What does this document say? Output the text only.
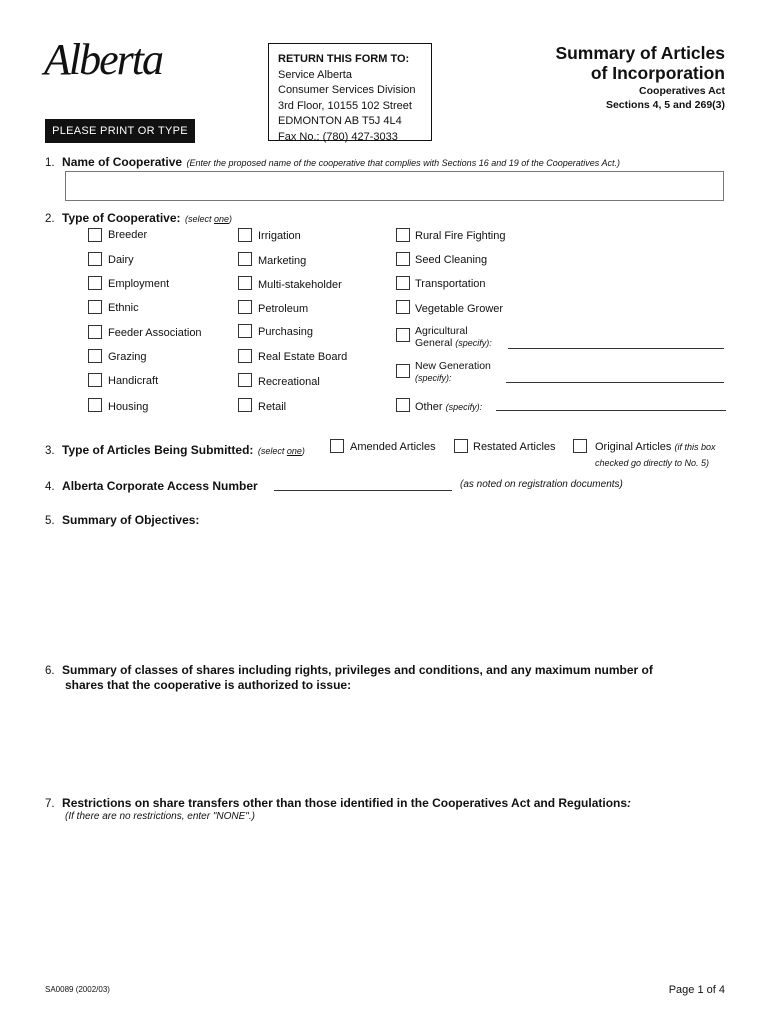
Alberta
PLEASE PRINT OR TYPE
RETURN THIS FORM TO:
Service Alberta
Consumer Services Division
3rd Floor, 10155 102 Street
EDMONTON AB T5J 4L4
Fax No.: (780) 427-3033
Summary of Articles
of Incorporation
Cooperatives Act
Sections 4, 5 and 269(3)
1. Name of Cooperative (Enter the proposed name of the cooperative that complies with Sections 16 and 19 of the Cooperatives Act.)
2. Type of Cooperative: (select one)
Breeder
Dairy
Employment
Ethnic
Feeder Association
Grazing
Handicraft
Housing
Irrigation
Marketing
Multi-stakeholder
Petroleum
Purchasing
Real Estate Board
Recreational
Retail
Rural Fire Fighting
Seed Cleaning
Transportation
Vegetable Grower
Agricultural
General (specify):
New Generation
(specify):
Other (specify):
3. Type of Articles Being Submitted: (select one)	Amended Articles	Restated Articles	Original Articles (if this box
checked go directly to No. 5)
4. Alberta Corporate Access Number	(as noted on registration documents)
5. Summary of Objectives:
6. Summary of classes of shares including rights, privileges and conditions, and any maximum number of
shares that the cooperative is authorized to issue:
7. Restrictions on share transfers other than those identified in the Cooperatives Act and Regulations:
(If there are no restrictions, enter "NONE".)
SA0089 (2002/03)	Page 1 of 4
